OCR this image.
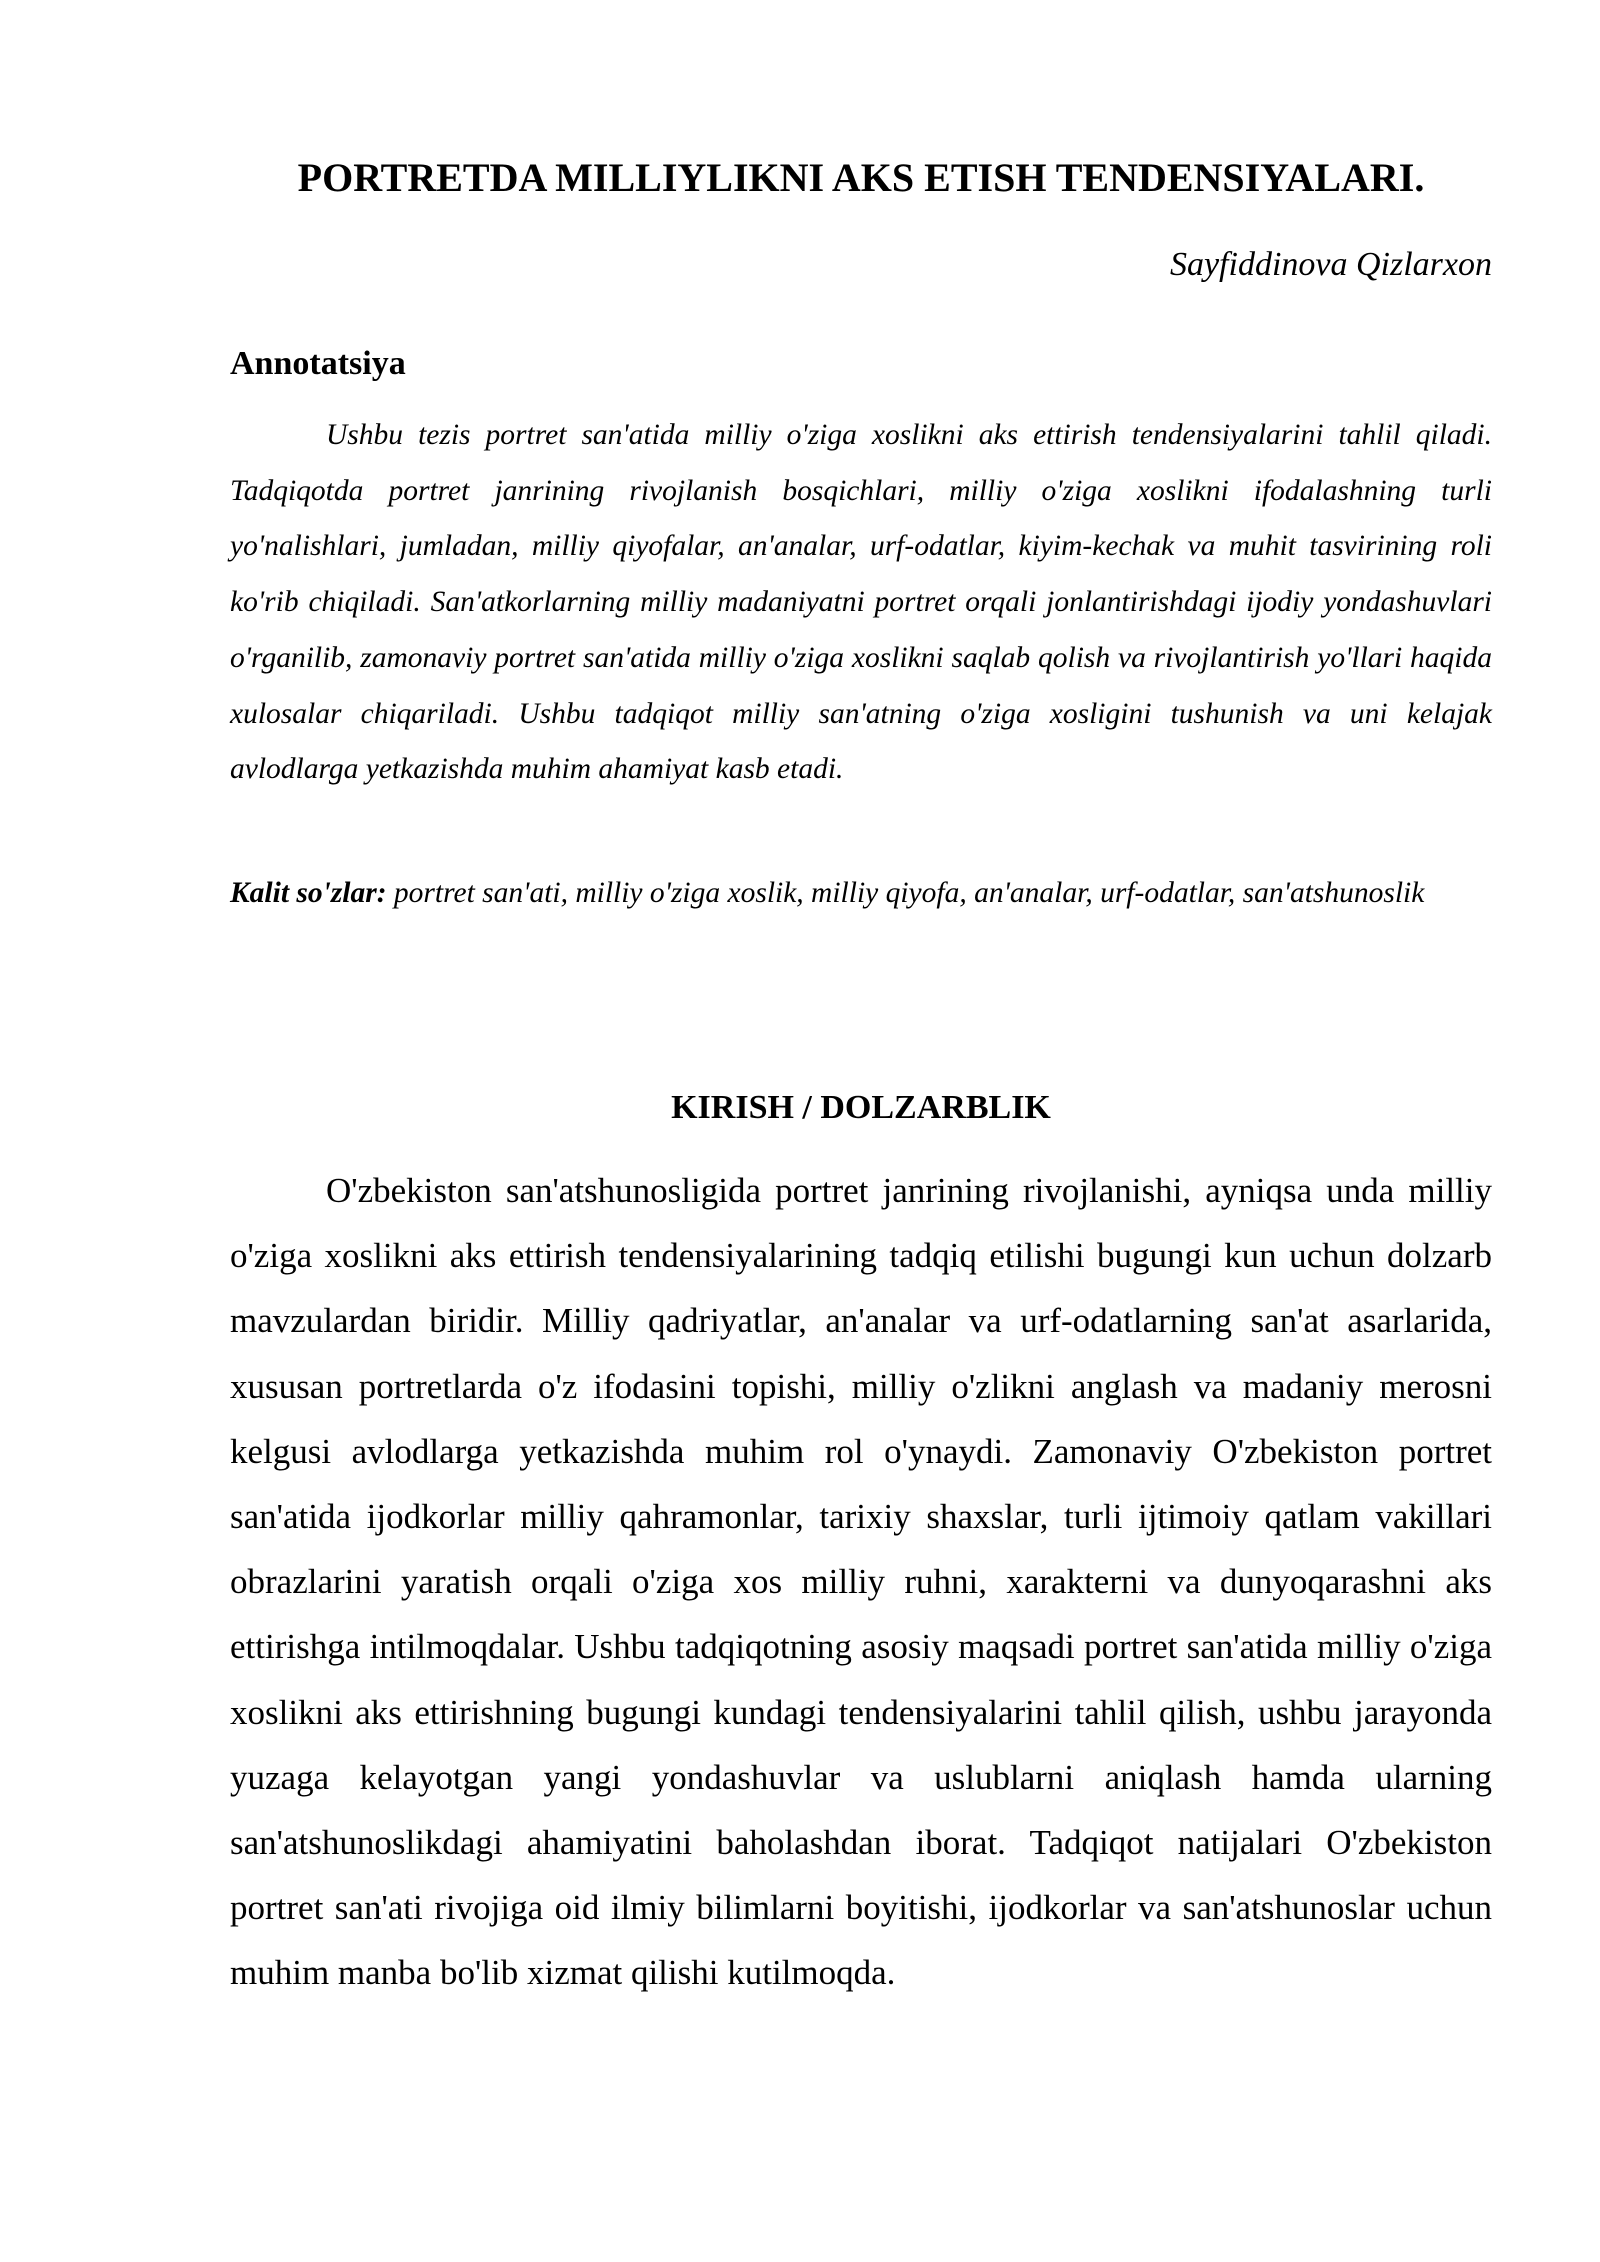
PORTRETDA MILLIYLIKNI AKS ETISH TENDENSIYALARI.
Sayfiddinova Qizlarxon
Annotatsiya

Ushbu tezis portret san'atida milliy o'ziga xoslikni aks ettirish tendensiyalarini tahlil qiladi. Tadqiqotda portret janrining rivojlanish bosqichlari, milliy o'ziga xoslikni ifodalashning turli yo'nalishlari, jumladan, milliy qiyofalar, an'analar, urf-odatlar, kiyim-kechak va muhit tasvirining roli ko'rib chiqiladi. San'atkorlarning milliy madaniyatni portret orqali jonlantirishdagi ijodiy yondashuvlari o'rganilib, zamonaviy portret san'atida milliy o'ziga xoslikni saqlab qolish va rivojlantirish yo'llari haqida xulosalar chiqariladi. Ushbu tadqiqot milliy san'atning o'ziga xosligini tushunish va uni kelajak avlodlarga yetkazishda muhim ahamiyat kasb etadi.

Kalit so'zlar: portret san'ati, milliy o'ziga xoslik, milliy qiyofa, an'analar, urf-odatlar, san'atshunoslik

KIRISH / DOLZARBLIK

O'zbekiston san'atshunosligida portret janrining rivojlanishi, ayniqsa unda milliy o'ziga xoslikni aks ettirish tendensiyalarining tadqiq etilishi bugungi kun uchun dolzarb mavzulardan biridir. Milliy qadriyatlar, an'analar va urf-odatlarning san'at asarlarida, xususan portretlarda o'z ifodasini topishi, milliy o'zlikni anglash va madaniy merosni kelgusi avlodlarga yetkazishda muhim rol o'ynaydi. Zamonaviy O'zbekiston portret san'atida ijodkorlar milliy qahramonlar, tarixiy shaxslar, turli ijtimoiy qatlam vakillari obrazlarini yaratish orqali o'ziga xos milliy ruhni, xarakterni va dunyoqarashni aks ettirishga intilmoqdalar. Ushbu tadqiqotning asosiy maqsadi portret san'atida milliy o'ziga xoslikni aks ettirishning bugungi kundagi tendensiyalarini tahlil qilish, ushbu jarayonda yuzaga kelayotgan yangi yondashuvlar va uslublarni aniqlash hamda ularning san'atshunoslikdagi ahamiyatini baholashdan iborat. Tadqiqot natijalari O'zbekiston portret san'ati rivojiga oid ilmiy bilimlarni boyitishi, ijodkorlar va san'atshunoslar uchun muhim manba bo'lib xizmat qilishi kutilmoqda.
